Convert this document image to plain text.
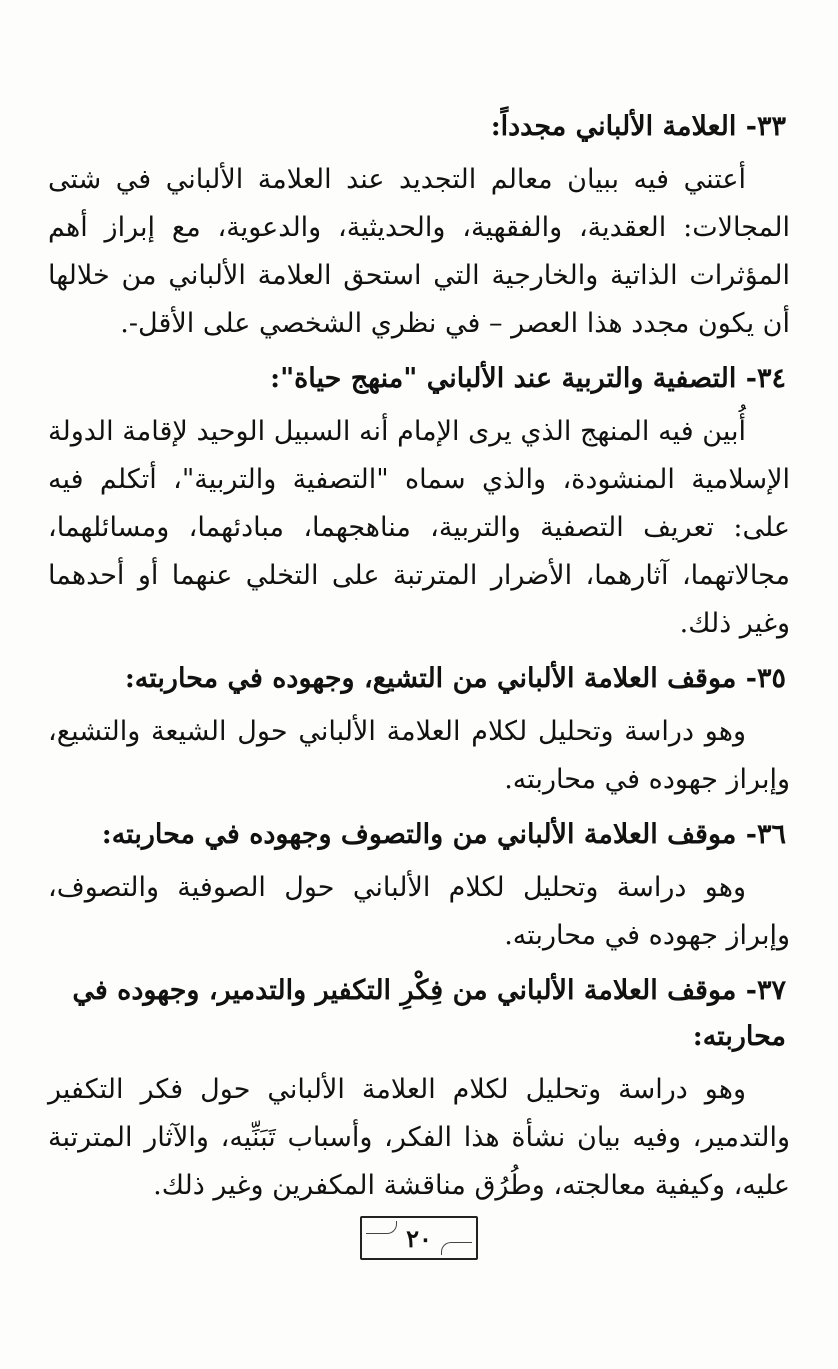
٣٣- العلامة الألباني مجدداً:

أعتني فيه ببيان معالم التجديد عند العلامة الألباني في شتى المجالات: العقدية، والفقهية، والحديثية، والدعوية، مع إبراز أهم المؤثرات الذاتية والخارجية التي استحق العلامة الألباني من خلالها أن يكون مجدد هذا العصر – في نظري الشخصي على الأقل-.

٣٤- التصفية والتربية عند الألباني "منهج حياة":

أُبين فيه المنهج الذي يرى الإمام أنه السبيل الوحيد لإقامة الدولة الإسلامية المنشودة، والذي سماه "التصفية والتربية"، أتكلم فيه على: تعريف التصفية والتربية، مناهجهما، مبادئهما، ومسائلهما، مجالاتهما، آثارهما، الأضرار المترتبة على التخلي عنهما أو أحدهما وغير ذلك.

٣٥- موقف العلامة الألباني من التشيع، وجهوده في محاربته:

وهو دراسة وتحليل لكلام العلامة الألباني حول الشيعة والتشيع، وإبراز جهوده في محاربته.

٣٦- موقف العلامة الألباني من والتصوف وجهوده في محاربته:

وهو دراسة وتحليل لكلام الألباني حول الصوفية والتصوف، وإبراز جهوده في محاربته.

٣٧- موقف العلامة الألباني من فِكْرِ التكفير والتدمير، وجهوده في محاربته:

وهو دراسة وتحليل لكلام العلامة الألباني حول فكر التكفير والتدمير، وفيه بيان نشأة هذا الفكر، وأسباب تَبَنِّيه، والآثار المترتبة عليه، وكيفية معالجته، وطُرُق مناقشة المكفرين وغير ذلك.

٢٠
